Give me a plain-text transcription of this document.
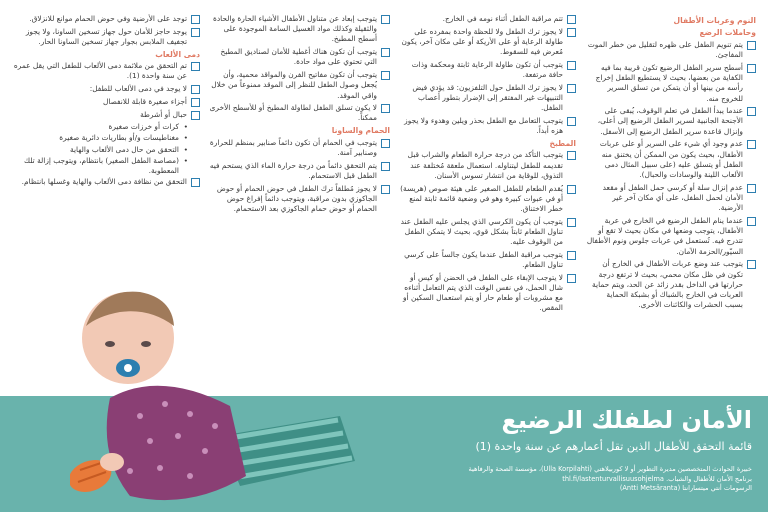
النوم وعربات الأطفال
وحاملات الرضع
يتم تنويم الطفل على ظهره لتقليل من خطر الموت المفاجئ.
أسطح سرير الطفل الرضيع تكون قريبة بما فيه الكفاية من بعضها، بحيث لا يستطيع الطفل إخراج رأسه من بينها أو أن يتمكن من تسلق السرير للخروج منه.
عندما يبدأ الطفل في تعلم الوقوف، يُبقى على الأجنحة الجانبية لسرير الطفل الرضيع إلى أعلى، وإنزال قاعدة سرير الطفل الرضيع إلى الأسفل.
عدم وجود أي شيء على السرير أو على عربات الأطفال، بحيث يكون من الممكن أن يختنق منه الطفل أو يتسلق عليه (على سبيل المثال دمى الألعاب اللينة والوسادات والحبال).
عدم إنزال سلة أو كرسي حمل الطفل أو مقعد الأمان لحمل الطفل، على أي مكان آخر غير الأرضية.
عندما ينام الطفل الرضيع في الخارج في عربة الأطفال، يتوجب وضعها في مكان بحيث لا تقع أو تتدرج فيه. تُستعمل في عربات جلوس ونوم الأطفال السيّور/الحزمة الآمان.
يتوجب عند وضع عربات الأطفال في الخارج أن تكون في ظل مكان محمي، بحيث لا ترتفع درجة حرارتها في الداخل بقدر زائد عن الحد، ويتم حماية العربات في الخارج بالشباك أو بشبكة الحماية بسبب الحشرات والكائنات الأخرى.
تتم مراقبة الطفل أثناء نومه في الخارج.
لا يجوز ترك الطفل ولا للحظة واحدة بمفرده على طاولة الرعاية أو على الأريكة أو على مكان آخر، يكون مُعرض فيه للسقوط.
يتوجب أن تكون طاولة الرعاية ثابتة ومحكمة وذات حافة مرتفعة.
لا يجوز ترك الطفل حول التلفزيون: قد يؤدي فيض التنبيهات غير المفتقر إلى الإضرار بتطور أعصاب الطفل.
يتوجب التعامل مع الطفل بحذر ويلين وهدوء ولا يجوز هزه أبداً.
المطبخ
يتوجب التأكد من درجة حرارة الطعام والشراب قبل تقديمه للطفل ليتناوله. استعمال ملعقة مُختلفة عند التذوق، للوقاية من انتشار تسوس الأسنان.
يُقدم الطعام للطفل الصغير على هيئة صوص (هريسة) أو في عبوات كبيرة وهو في وضعية قائمة ثابتة لمنع خطر الاختناق.
يتوجب أن يكون الكرسي الذي يجلس عليه الطفل عند تناول الطعام ثابتاً بشكل قوي، بحيث لا يتمكن الطفل من الوقوف عليه.
يتوجب مراقبة الطفل عندما يكون جالساً على كرسي تناول الطعام.
لا يتوجب الإبقاء على الطفل في الحضن أو كيس أو شال الحمل، في نفس الوقت الذي يتم التعامل أثناءه مع مشروبات أو طعام حار أو يتم استعمال السكين أو المقص.
يتوجب إبعاد عن متناول الأطفال الأشياء الحارة والحادة والثقيلة وكذلك مواد الغسيل السامة الموجودة على أسطح المطبخ.
يتوجب أن تكون هناك أغطية للأمان لصناديق المطبخ التي تحتوي على مواد حادة.
يتوجب أن تكون مفاتيح الفرن والمواقد محمية، وأن يُجعل وصول الطفل للنظر إلى الموقد ممنوعاً من خلال واقي الموقد.
لا يكون تسلق الطفل لطاولة المطبخ أو للأسطح الأخرى ممكناً.
الحمام والساونا
يتوجب في الحمام أن تكون دائماً صنابير بمنظم للحرارة وصنابير آمنة.
يتم التحقق دائماً من درجة حرارة الماء الذي يستحم فيه الطفل قبل الاستحمام.
لا يجوز مُطلقاً ترك الطفل في حوض الحمام أو حوض الجاكوزي بدون مراقبة، ويتوجب دائماً إفراغ حوض الحمام أو حوض حمام الجاكوزي بعد الاستحمام.
توجد على الأرضية وفي حوض الحمام موانع للانزلاق.
يوجد حاجز للأمان حول جهاز تسخين الساونا، ولا يجوز تجفيف الملابس بجوار جهاز تسخين الساونا الحار.
دمى الألعاب
تم التحقق من ملائمة دمى الألعاب للطفل التي يقل عمره عن سنة واحدة (1).
لا يوجد في دمى الألعاب للطفل:
أجزاء صغيرة قابلة للانفصال
حبال أو أشرطة
• كرات أو خرزات صغيرة
• مغناطيسات و/أو بطاريات دائرية صغيرة
• التحقق من حال دمى الألعاب والهاية
• (مصاصة الطفل الصغير) بانتظام، ويتوجب إزالة تلك المعطوبة.
التحقق من نظافة دمى الألعاب والهاية وغسلها بانتظام.
الأمان لطفلك الرضيع
قائمة التحقق للأطفال الذين تقل أعمارهم عن سنة واحدة (1)
خبيرة الحوادث المتخصصين مديرة التطوير أو لا كوربيلاهتي (Ulla Korpilahti)، مؤسسة الصحة والرفاهية
برنامج الأمان للأطفال والشباب. thl.fi/lastenturvallisuusohjelma
الرسومات أنتي ميتسارانتا (Antti Metsäranta)
